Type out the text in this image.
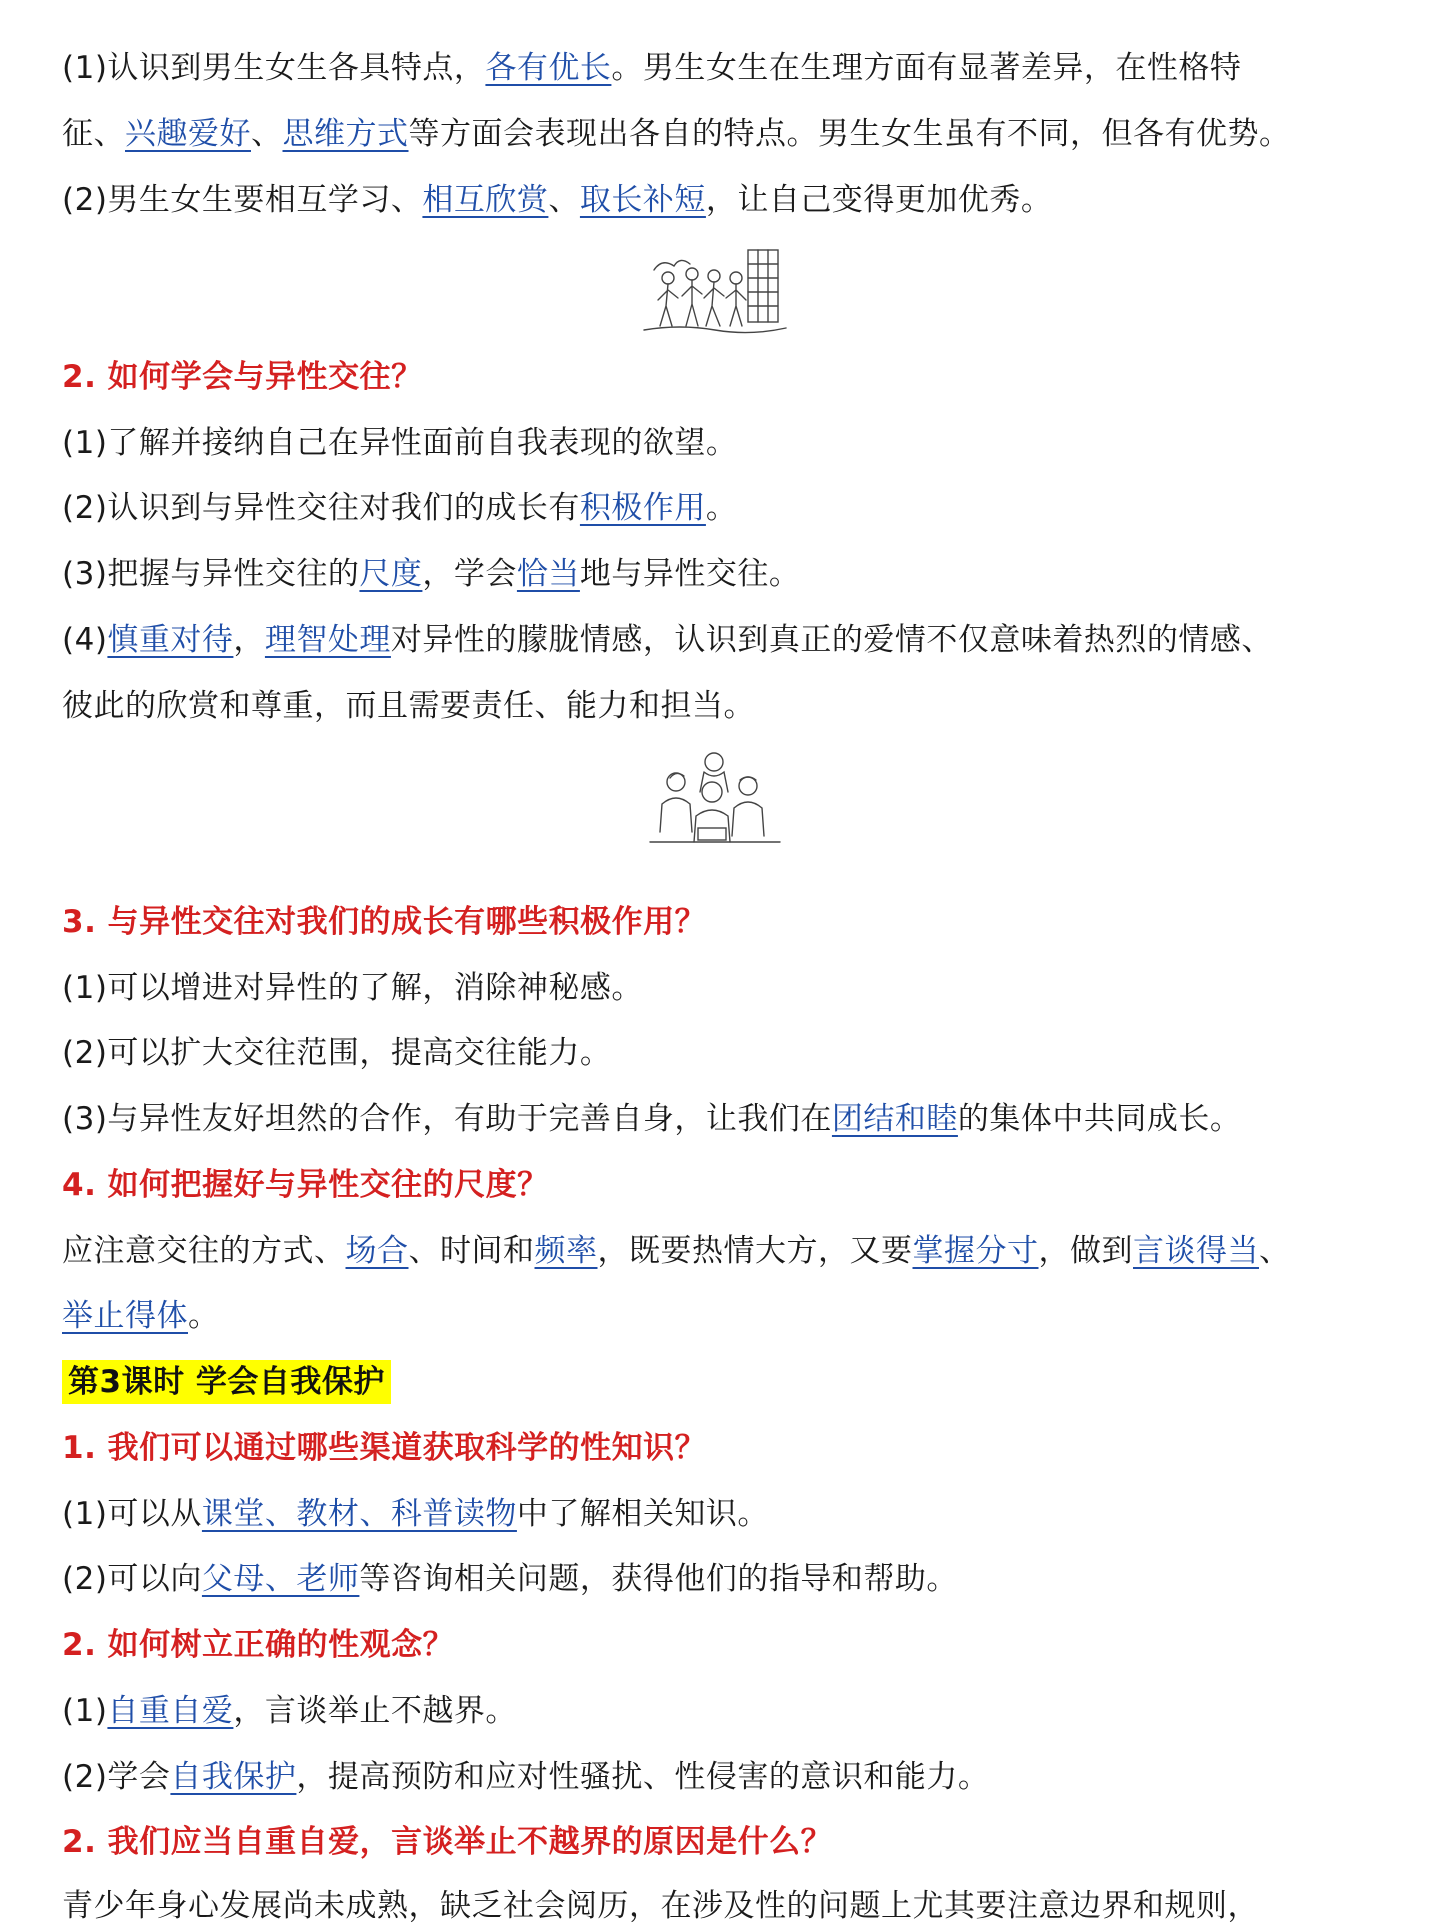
(1)认识到男生女生各具特点，各有优长。男生女生在生理方面有显著差异，在性格特
征、兴趣爱好、思维方式等方面会表现出各自的特点。男生女生虽有不同，但各有优势。
(2)男生女生要相互学习、相互欣赏、取长补短，让自己变得更加优秀。
2. 如何学会与异性交往？
(1)了解并接纳自己在异性面前自我表现的欲望。
(2)认识到与异性交往对我们的成长有积极作用。
(3)把握与异性交往的尺度，学会恰当地与异性交往。
(4)慎重对待，理智处理对异性的朦胧情感，认识到真正的爱情不仅意味着热烈的情感、
彼此的欣赏和尊重，而且需要责任、能力和担当。
3. 与异性交往对我们的成长有哪些积极作用？
(1)可以增进对异性的了解，消除神秘感。
(2)可以扩大交往范围，提高交往能力。
(3)与异性友好坦然的合作，有助于完善自身，让我们在团结和睦的集体中共同成长。
4. 如何把握好与异性交往的尺度？
应注意交往的方式、场合、时间和频率，既要热情大方，又要掌握分寸，做到言谈得当、
举止得体。
第3课时 学会自我保护
1. 我们可以通过哪些渠道获取科学的性知识？
(1)可以从课堂、教材、科普读物中了解相关知识。
(2)可以向父母、老师等咨询相关问题，获得他们的指导和帮助。
2. 如何树立正确的性观念？
(1)自重自爱，言谈举止不越界。
(2)学会自我保护，提高预防和应对性骚扰、性侵害的意识和能力。
2. 我们应当自重自爱，言谈举止不越界的原因是什么？
青少年身心发展尚未成熟，缺乏社会阅历，在涉及性的问题上尤其要注意边界和规则，
